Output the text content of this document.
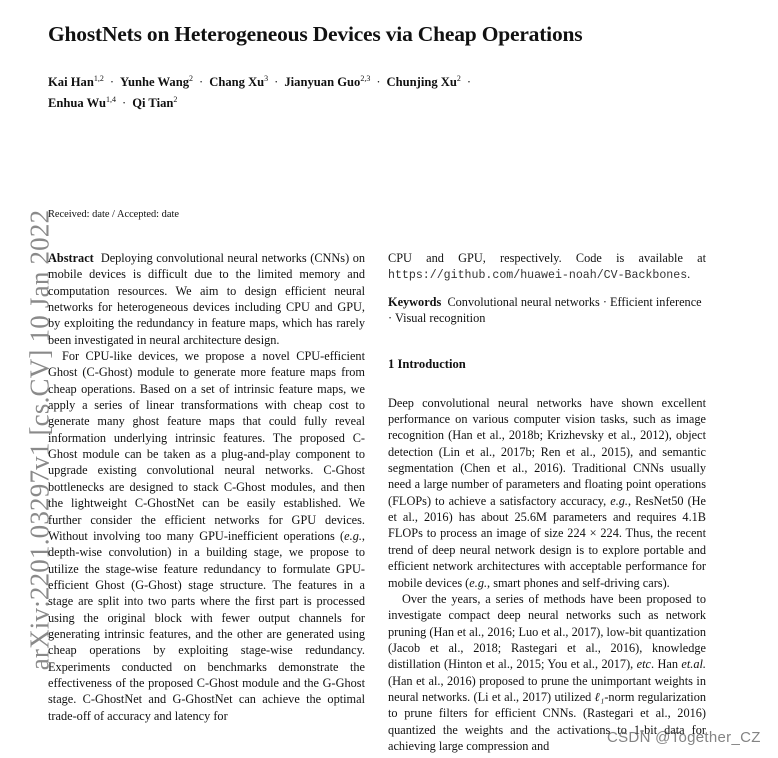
GhostNets on Heterogeneous Devices via Cheap Operations
Kai Han$^{1,2}$ · Yunhe Wang$^2$ · Chang $Xu^3$ · Jianyuan Guo$^{2,3}$ · Chunjing $Xu^2$ ·
Enhua Wu$^{1,4}$ · Qi Tian$^2$
arXiv:2201.03297v1 [cs.CV] 10 Jan 2022
Received: date / Accepted: date

Abstract Deploying convolutional neural networks (CNNs) on mobile devices is difficult due to the limited memory and computation resources. We aim to design efficient neural networks for heterogeneous devices including CPU and GPU, by exploiting the redundancy in feature maps, which has rarely been investigated in neural architecture design.

For CPU-like devices, we propose a novel CPU-efficient Ghost (C-Ghost) module to generate more feature maps from cheap operations. Based on a set of intrinsic feature maps, we apply a series of linear transformations with cheap cost to generate many ghost feature maps that could fully reveal information underlying intrinsic features. The proposed C-Ghost module can be taken as a plug-and-play component to upgrade existing convolutional neural networks. C-Ghost bottlenecks are designed to stack C-Ghost modules, and then the lightweight C-GhostNet can be easily established. We further consider the efficient networks for GPU devices. Without involving too many GPU-inefficient operations (e.g., depth-wise convolution) in a building stage, we propose to utilize the stage-wise feature redundancy to formulate GPU-efficient Ghost (G-Ghost) stage structure. The features in a stage are split into two parts where the first part is processed using the original block with fewer output channels for generating intrinsic features, and the other are generated using cheap operations by exploiting stage-wise redundancy. Experiments conducted on benchmarks demonstrate the effectiveness of the proposed C-Ghost module and the G-Ghost stage. C-GhostNet and G-GhostNet can achieve the optimal trade-off of accuracy and latency for

CPU and GPU, respectively. Code is available at https://github.com/huawei-noah/CV-Backbones.

Keywords Convolutional neural networks · Efficient inference · Visual recognition

1 Introduction

Deep convolutional neural networks have shown excellent performance on various computer vision tasks, such as image recognition (Han et al., 2018b; Krizhevsky et al., 2012), object detection (Lin et al., 2017b; Ren et al., 2015), and semantic segmentation (Chen et al., 2016). Traditional CNNs usually need a large number of parameters and floating point operations (FLOPs) to achieve a satisfactory accuracy, e.g., ResNet50 (He et al., 2016) has about 25.6M parameters and requires 4.1B FLOPs to process an image of size 224 × 224. Thus, the recent trend of deep neural network design is to explore portable and efficient network architectures with acceptable performance for mobile devices (e.g., smart phones and self-driving cars).

Over the years, a series of methods have been proposed to investigate compact deep neural networks such as network pruning (Han et al., 2016; Luo et al., 2017), low-bit quantization (Jacob et al., 2018; Rastegari et al., 2016), knowledge distillation (Hinton et al., 2015; You et al., 2017), etc. Han et.al. (Han et al., 2016) proposed to prune the unimportant weights in neural networks. (Li et al., 2017) utilized ℓ₁-norm regularization to prune filters for efficient CNNs. (Rastegari et al., 2016) quantized the weights and the activations to 1-bit data for achieving large compression and	CSDN @Together_CZ
